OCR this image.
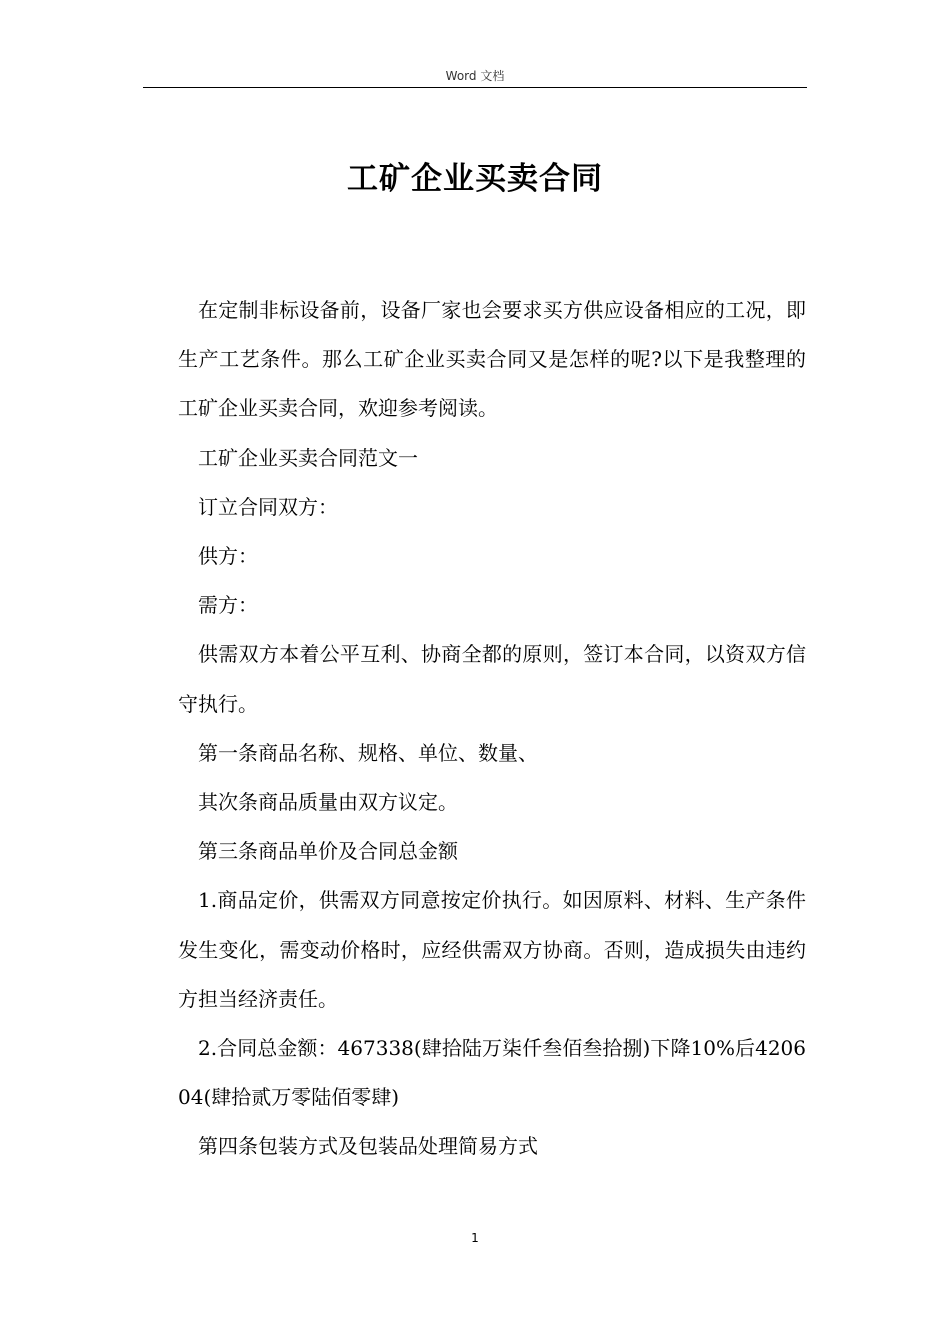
Word 文档
工矿企业买卖合同

在定制非标设备前，设备厂家也会要求买方供应设备相应的工况，即生产工艺条件。那么工矿企业买卖合同又是怎样的呢?以下是我整理的工矿企业买卖合同，欢迎参考阅读。

工矿企业买卖合同范文一

订立合同双方：

供方：

需方：

供需双方本着公平互利、协商全都的原则，签订本合同，以资双方信守执行。

第一条商品名称、规格、单位、数量、

其次条商品质量由双方议定。

第三条商品单价及合同总金额

1.商品定价，供需双方同意按定价执行。如因原料、材料、生产条件发生变化，需变动价格时，应经供需双方协商。否则，造成损失由违约方担当经济责任。

2.合同总金额：467338(肆拾陆万柒仟叁佰叁拾捌)下降10%后420604(肆拾贰万零陆佰零肆)

第四条包装方式及包装品处理简易方式

1
